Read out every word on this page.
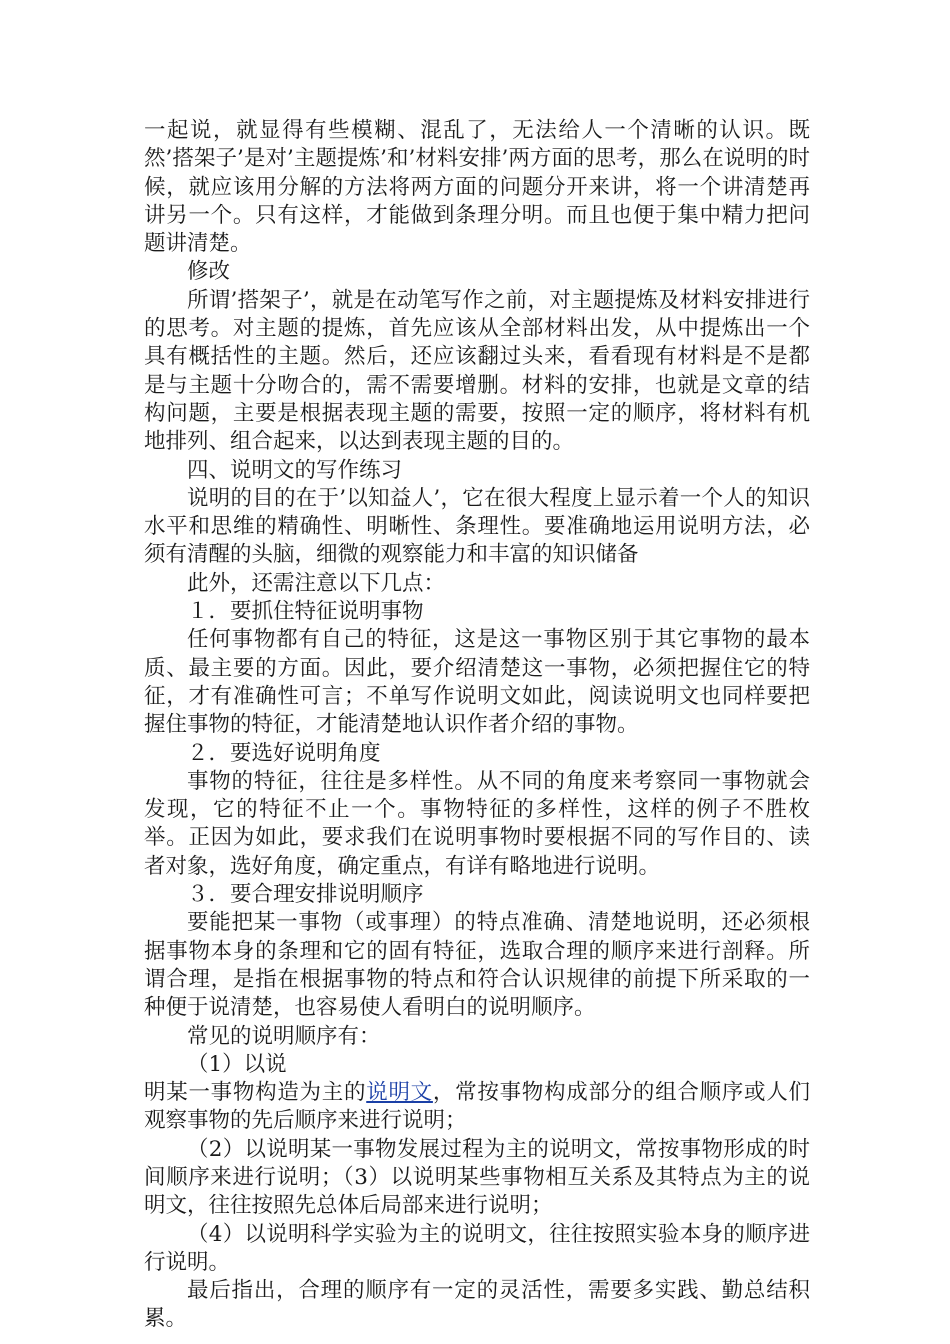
一起说，就显得有些模糊、混乱了，无法给人一个清晰的认识。既然’搭架子’是对’主题提炼’和’材料安排’两方面的思考，那么在说明的时候，就应该用分解的方法将两方面的问题分开来讲，将一个讲清楚再讲另一个。只有这样，才能做到条理分明。而且也便于集中精力把问题讲清楚。

修改

所谓’搭架子’，就是在动笔写作之前，对主题提炼及材料安排进行的思考。对主题的提炼，首先应该从全部材料出发，从中提炼出一个具有概括性的主题。然后，还应该翻过头来，看看现有材料是不是都是与主题十分吻合的，需不需要增删。材料的安排，也就是文章的结构问题，主要是根据表现主题的需要，按照一定的顺序，将材料有机地排列、组合起来，以达到表现主题的目的。

四、说明文的写作练习

说明的目的在于’以知益人’，它在很大程度上显示着一个人的知识水平和思维的精确性、明晰性、条理性。要准确地运用说明方法，必须有清醒的头脑，细微的观察能力和丰富的知识储备

此外，还需注意以下几点：

１．要抓住特征说明事物

任何事物都有自己的特征，这是这一事物区别于其它事物的最本质、最主要的方面。因此，要介绍清楚这一事物，必须把握住它的特征，才有准确性可言；不单写作说明文如此，阅读说明文也同样要把握住事物的特征，才能清楚地认识作者介绍的事物。

２．要选好说明角度

事物的特征，往往是多样性。从不同的角度来考察同一事物就会发现，它的特征不止一个。事物特征的多样性，这样的例子不胜枚举。正因为如此，要求我们在说明事物时要根据不同的写作目的、读者对象，选好角度，确定重点，有详有略地进行说明。

３．要合理安排说明顺序

要能把某一事物（或事理）的特点准确、清楚地说明，还必须根据事物本身的条理和它的固有特征，选取合理的顺序来进行剖释。所谓合理，是指在根据事物的特点和符合认识规律的前提下所采取的一种便于说清楚，也容易使人看明白的说明顺序。

常见的说明顺序有：

（1）以说

明某一事物构造为主的说明文，常按事物构成部分的组合顺序或人们观察事物的先后顺序来进行说明；

（2）以说明某一事物发展过程为主的说明文，常按事物形成的时间顺序来进行说明；（3）以说明某些事物相互关系及其特点为主的说明文，往往按照先总体后局部来进行说明；

（4）以说明科学实验为主的说明文，往往按照实验本身的顺序进行说明。

最后指出，合理的顺序有一定的灵活性，需要多实践、勤总结积累。
